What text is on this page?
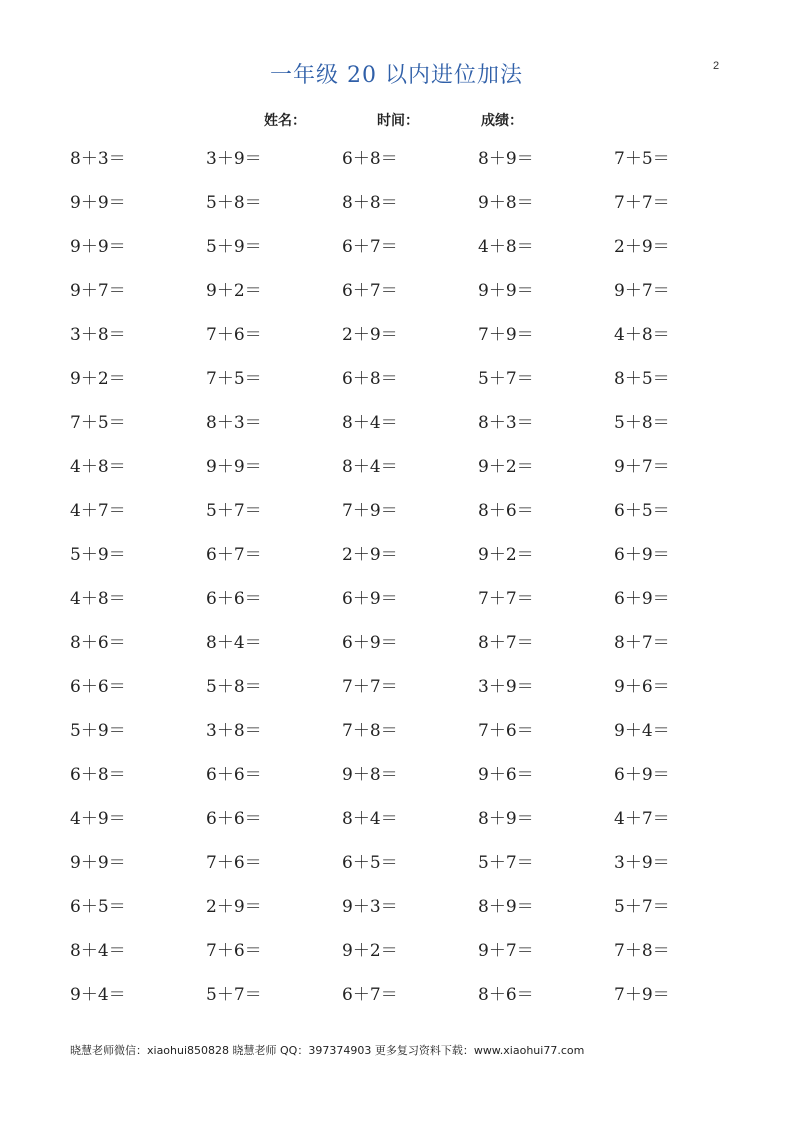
2
一年级 20 以内进位加法
姓名：	时间：	成绩：
8＋3＝	3＋9＝	6＋8＝	8＋9＝	7＋5＝
9＋9＝	5＋8＝	8＋8＝	9＋8＝	7＋7＝
9＋9＝	5＋9＝	6＋7＝	4＋8＝	2＋9＝
9＋7＝	9＋2＝	6＋7＝	9＋9＝	9＋7＝
3＋8＝	7＋6＝	2＋9＝	7＋9＝	4＋8＝
9＋2＝	7＋5＝	6＋8＝	5＋7＝	8＋5＝
7＋5＝	8＋3＝	8＋4＝	8＋3＝	5＋8＝
4＋8＝	9＋9＝	8＋4＝	9＋2＝	9＋7＝
4＋7＝	5＋7＝	7＋9＝	8＋6＝	6＋5＝
5＋9＝	6＋7＝	2＋9＝	9＋2＝	6＋9＝
4＋8＝	6＋6＝	6＋9＝	7＋7＝	6＋9＝
8＋6＝	8＋4＝	6＋9＝	8＋7＝	8＋7＝
6＋6＝	5＋8＝	7＋7＝	3＋9＝	9＋6＝
5＋9＝	3＋8＝	7＋8＝	7＋6＝	9＋4＝
6＋8＝	6＋6＝	9＋8＝	9＋6＝	6＋9＝
4＋9＝	6＋6＝	8＋4＝	8＋9＝	4＋7＝
9＋9＝	7＋6＝	6＋5＝	5＋7＝	3＋9＝
6＋5＝	2＋9＝	9＋3＝	8＋9＝	5＋7＝
8＋4＝	7＋6＝	9＋2＝	9＋7＝	7＋8＝
9＋4＝	5＋7＝	6＋7＝	8＋6＝	7＋9＝
晓慧老师微信：xiaohui850828 晓慧老师 QQ：397374903 更多复习资料下载：www.xiaohui77.com
